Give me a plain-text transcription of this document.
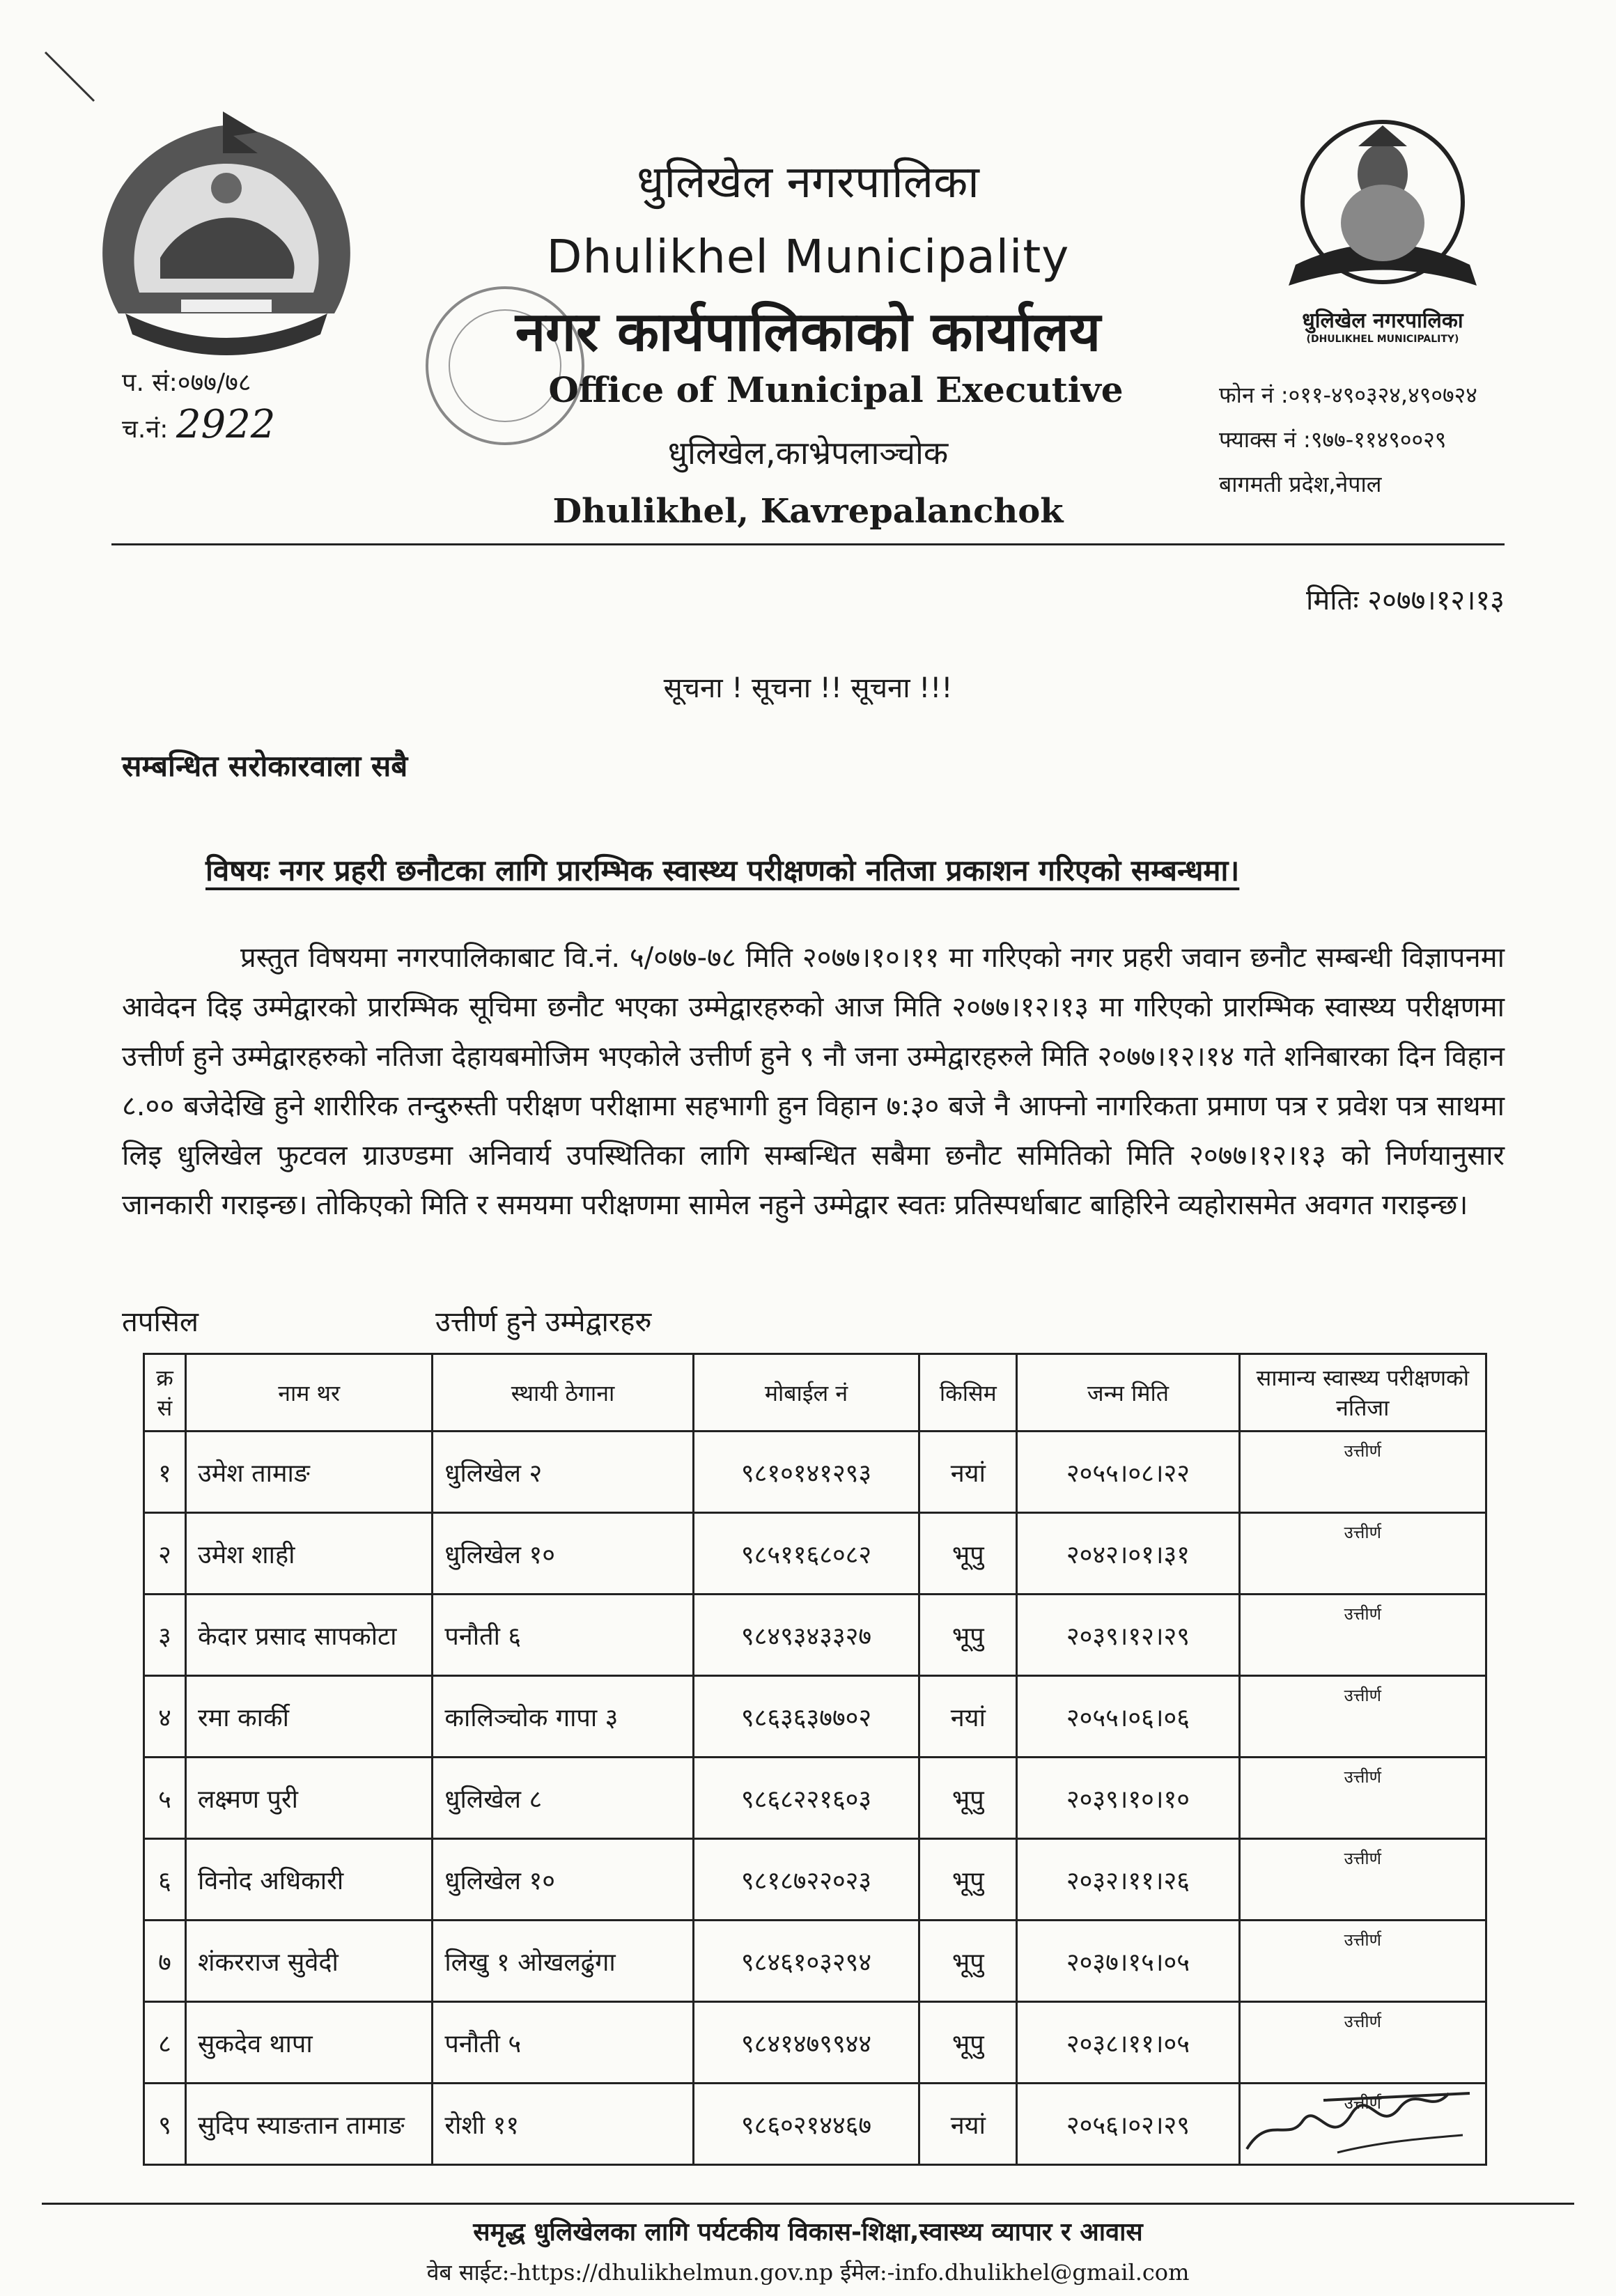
धुलिखेल नगरपालिका
(DHULIKHEL MUNICIPALITY)
धुलिखेल नगरपालिका
Dhulikhel Municipality
नगर कार्यपालिकाको कार्यालय
Office of Municipal Executive
धुलिखेल,काभ्रेपलाञ्चोक
Dhulikhel, Kavrepalanchok
प. सं:०७७/७८
च.नं: 2922
फोन नं :०११-४९०३२४,४९०७२४
फ्याक्स नं :९७७-११४९००२९
बागमती प्रदेश,नेपाल
मितिः २०७७।१२।१३
सूचना ! सूचना !! सूचना !!!
सम्बन्धित सरोकारवाला सबै
विषयः नगर प्रहरी छनौटका लागि प्रारम्भिक स्वास्थ्य परीक्षणको नतिजा प्रकाशन गरिएको सम्बन्धमा।
प्रस्तुत विषयमा नगरपालिकाबाट वि.नं. ५/०७७-७८ मिति २०७७।१०।११ मा गरिएको नगर प्रहरी जवान छनौट सम्बन्धी विज्ञापनमा आवेदन दिइ उम्मेद्वारको प्रारम्भिक सूचिमा छनौट भएका उम्मेद्वारहरुको आज मिति २०७७।१२।१३ मा गरिएको प्रारम्भिक स्वास्थ्य परीक्षणमा उत्तीर्ण हुने उम्मेद्वारहरुको नतिजा देहायबमोजिम भएकोले उत्तीर्ण हुने ९ नौ जना उम्मेद्वारहरुले मिति २०७७।१२।१४ गते शनिबारका दिन विहान ८.०० बजेदेखि हुने शारीरिक तन्दुरुस्ती परीक्षण परीक्षामा सहभागी हुन विहान ७:३० बजे नै आफ्नो नागरिकता प्रमाण पत्र र प्रवेश पत्र साथमा लिइ धुलिखेल फुटवल ग्राउण्डमा अनिवार्य उपस्थितिका लागि सम्बन्धित सबैमा छनौट समितिको मिति २०७७।१२।१३ को निर्णयानुसार जानकारी गराइन्छ। तोकिएको मिति र समयमा परीक्षणमा सामेल नहुने उम्मेद्वार स्वतः प्रतिस्पर्धाबाट बाहिरिने व्यहोरासमेत अवगत गराइन्छ।
तपसिल	उत्तीर्ण हुने उम्मेद्वारहरु
क्र सं	नाम थर	स्थायी ठेगाना	मोबाईल नं	किसिम	जन्म मिति	सामान्य स्वास्थ्य परीक्षणको नतिजा
१	उमेश तामाङ	धुलिखेल २	९८१०१४१२९३	नयां	२०५५।०८।२२	उत्तीर्ण
२	उमेश शाही	धुलिखेल १०	९८५११६८०८२	भूपु	२०४२।०१।३१	उत्तीर्ण
३	केदार प्रसाद सापकोटा	पनौती ६	९८४९३४३३२७	भूपु	२०३९।१२।२९	उत्तीर्ण
४	रमा कार्की	कालिञ्चोक गापा ३	९८६३६३७७०२	नयां	२०५५।०६।०६	उत्तीर्ण
५	लक्ष्मण पुरी	धुलिखेल ८	९८६८२२१६०३	भूपु	२०३९।१०।१०	उत्तीर्ण
६	विनोद अधिकारी	धुलिखेल १०	९८१८७२२०२३	भूपु	२०३२।११।२६	उत्तीर्ण
७	शंकरराज सुवेदी	लिखु १ ओखलढुंगा	९८४६१०३२९४	भूपु	२०३७।१५।०५	उत्तीर्ण
८	सुकदेव थापा	पनौती ५	९८४१४७९९४४	भूपु	२०३८।११।०५	उत्तीर्ण
९	सुदिप स्याङतान तामाङ	रोशी ११	९८६०२१४४६७	नयां	२०५६।०२।२९	उत्तीर्ण
समृद्ध धुलिखेलका लागि पर्यटकीय विकास-शिक्षा,स्वास्थ्य व्यापार र आवास
वेब साईट:-https://dhulikhelmun.gov.np ईमेल:-info.dhulikhel@gmail.com
